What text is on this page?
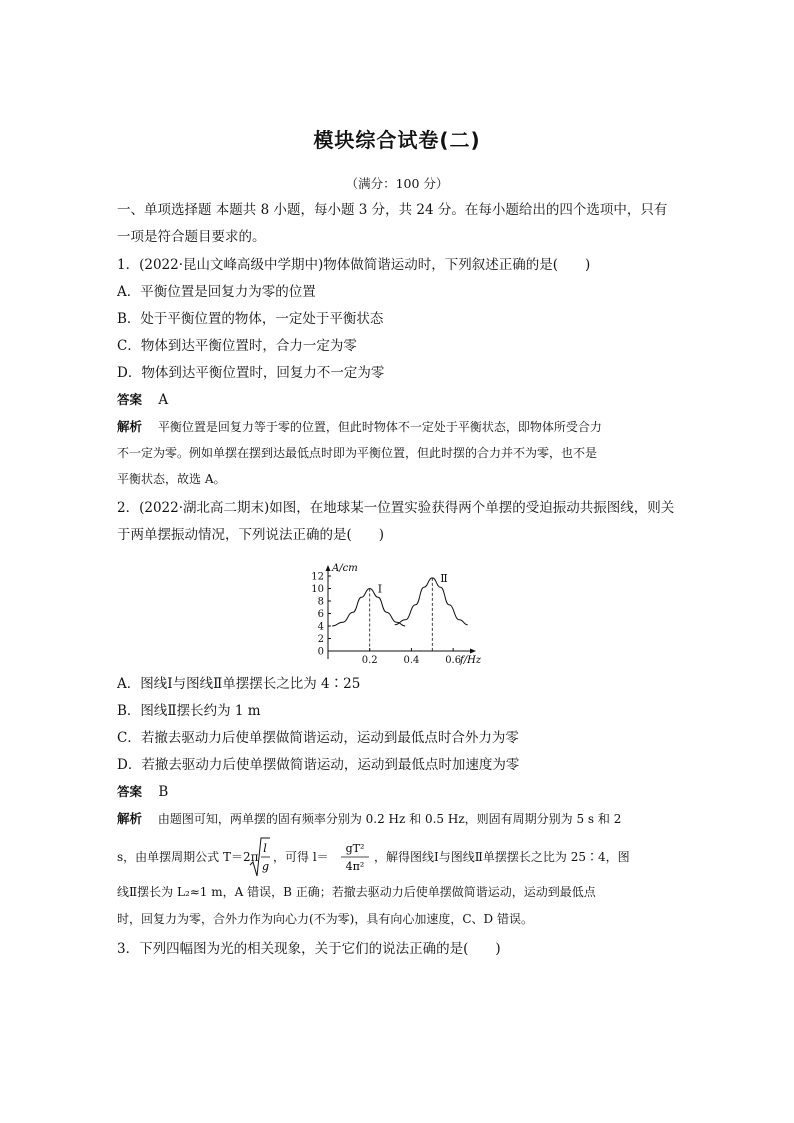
模块综合试卷(二)
（满分：100 分）
一、单项选择题 本题共 8 小题，每小题 3 分，共 24 分。在每小题给出的四个选项中，只有
一项是符合题目要求的。
1．(2022·昆山文峰高级中学期中)物体做简谐运动时，下列叙述正确的是(　　)
A．平衡位置是回复力为零的位置
B．处于平衡位置的物体，一定处于平衡状态
C．物体到达平衡位置时，合力一定为零
D．物体到达平衡位置时，回复力不一定为零
答案 A
解析 平衡位置是回复力等于零的位置，但此时物体不一定处于平衡状态，即物体所受合力
不一定为零。例如单摆在摆到达最低点时即为平衡位置，但此时摆的合力并不为零，也不是
平衡状态，故选 A。
2．(2022·湖北高二期末)如图，在地球某一位置实验获得两个单摆的受迫振动共振图线，则关
于两单摆振动情况，下列说法正确的是(　　)
A/cm
f/Hz
12
10
8
6
4
2
0
0.2	0.4	0.6
Ⅰ
Ⅱ
A．图线Ⅰ与图线Ⅱ单摆摆长之比为 4∶25
B．图线Ⅱ摆长约为 1 m
C．若撤去驱动力后使单摆做简谐运动，运动到最低点时合外力为零
D．若撤去驱动力后使单摆做简谐运动，运动到最低点时加速度为零
答案 B
解析 由题图可知，两单摆的固有频率分别为 0.2 Hz 和 0.5 Hz，则固有周期分别为 5 s 和 2
s，由单摆周期公式 T＝2π
l
g
，可得 l＝
gT²
4π²
，解得图线Ⅰ与图线Ⅱ单摆摆长之比为 25∶4，图
线Ⅱ摆长为 L₂≈1 m，A 错误，B 正确；若撤去驱动力后使单摆做简谐运动，运动到最低点
时，回复力为零，合外力作为向心力(不为零)，具有向心加速度，C、D 错误。
3．下列四幅图为光的相关现象，关于它们的说法正确的是(　　)
